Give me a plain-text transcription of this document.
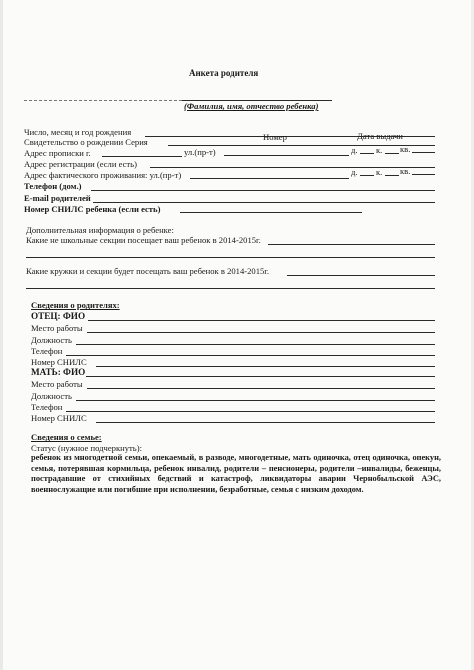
Анкета родителя
(Фамилия, имя, отчество ребенка)
Число, месяц и год рождения
Свидетельство о рождении Серия	Номер	Дата выдачи
Адрес прописки г.	ул.(пр-т)	д. к. кв.
Адрес регистрации (если есть)
Адрес фактического проживания: ул.(пр-т)	д. к. кв.
Телефон (дом.)
E-mail родителей
Номер СНИЛС ребенка (если есть)
Дополнительная информация о ребенке:
Какие не школьные секции посещает ваш ребенок в 2014-2015г.
Какие кружки и секции будет посещать ваш ребенок в 2014-2015г.
Сведения о родителях:
ОТЕЦ: ФИО
Место работы
Должность
Телефон
Номер СНИЛС
МАТЬ: ФИО
Место работы
Должность
Телефон
Номер СНИЛС
Сведения о семье:
Статус (нужное подчеркнуть):
ребенок из многодетной семьи, опекаемый, в разводе, многодетные, мать одиночка, отец одиночка, опекун, семья, потерявшая кормильца, ребенок инвалид, родители – пенсионеры, родители –инвалиды, беженцы, пострадавшие от стихийных бедствий и катастроф, ликвидаторы аварии Чернобыльской АЭС, военнослужащие или погибшие при исполнении, безработные, семья с низким доходом.
